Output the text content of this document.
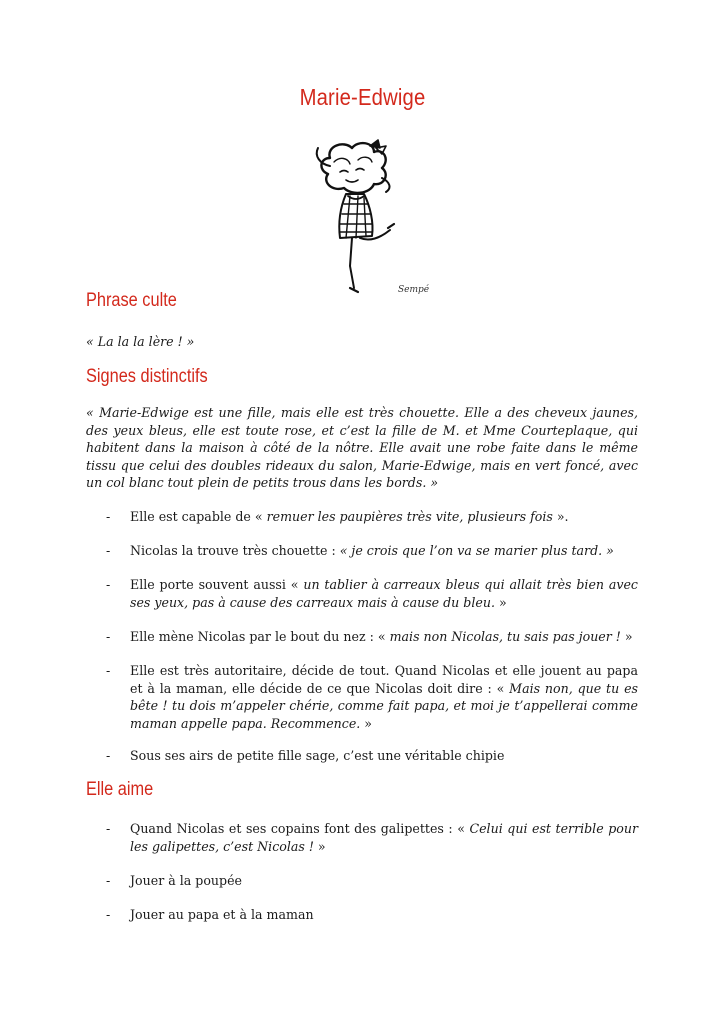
Marie-Edwige
Sempé
Phrase culte
« La la la lère ! »
Signes distinctifs
« Marie-Edwige est une fille, mais elle est très chouette. Elle a des cheveux jaunes, des yeux bleus, elle est toute rose, et c’est la fille de M. et Mme Courteplaque, qui habitent dans la maison à côté de la nôtre. Elle avait une robe faite dans le même tissu que celui des doubles rideaux du salon, Marie-Edwige, mais en vert foncé, avec un col blanc tout plein de petits trous dans les bords. »
- Elle est capable de « remuer les paupières très vite, plusieurs fois ».
- Nicolas la trouve très chouette : « je crois que l’on va se marier plus tard. »
- Elle porte souvent aussi « un tablier à carreaux bleus qui allait très bien avec ses yeux, pas à cause des carreaux mais à cause du bleu. »
- Elle mène Nicolas par le bout du nez : « mais non Nicolas, tu sais pas jouer ! »
- Elle est très autoritaire, décide de tout. Quand Nicolas et elle jouent au papa et à la maman, elle décide de ce que Nicolas doit dire : « Mais non, que tu es bête ! tu dois m’appeler chérie, comme fait papa, et moi je t’appellerai comme maman appelle papa. Recommence. »
- Sous ses airs de petite fille sage, c’est une véritable chipie
Elle aime
- Quand Nicolas et ses copains font des galipettes : « Celui qui est terrible pour les galipettes, c’est Nicolas ! »
- Jouer à la poupée
- Jouer au papa et à la maman
